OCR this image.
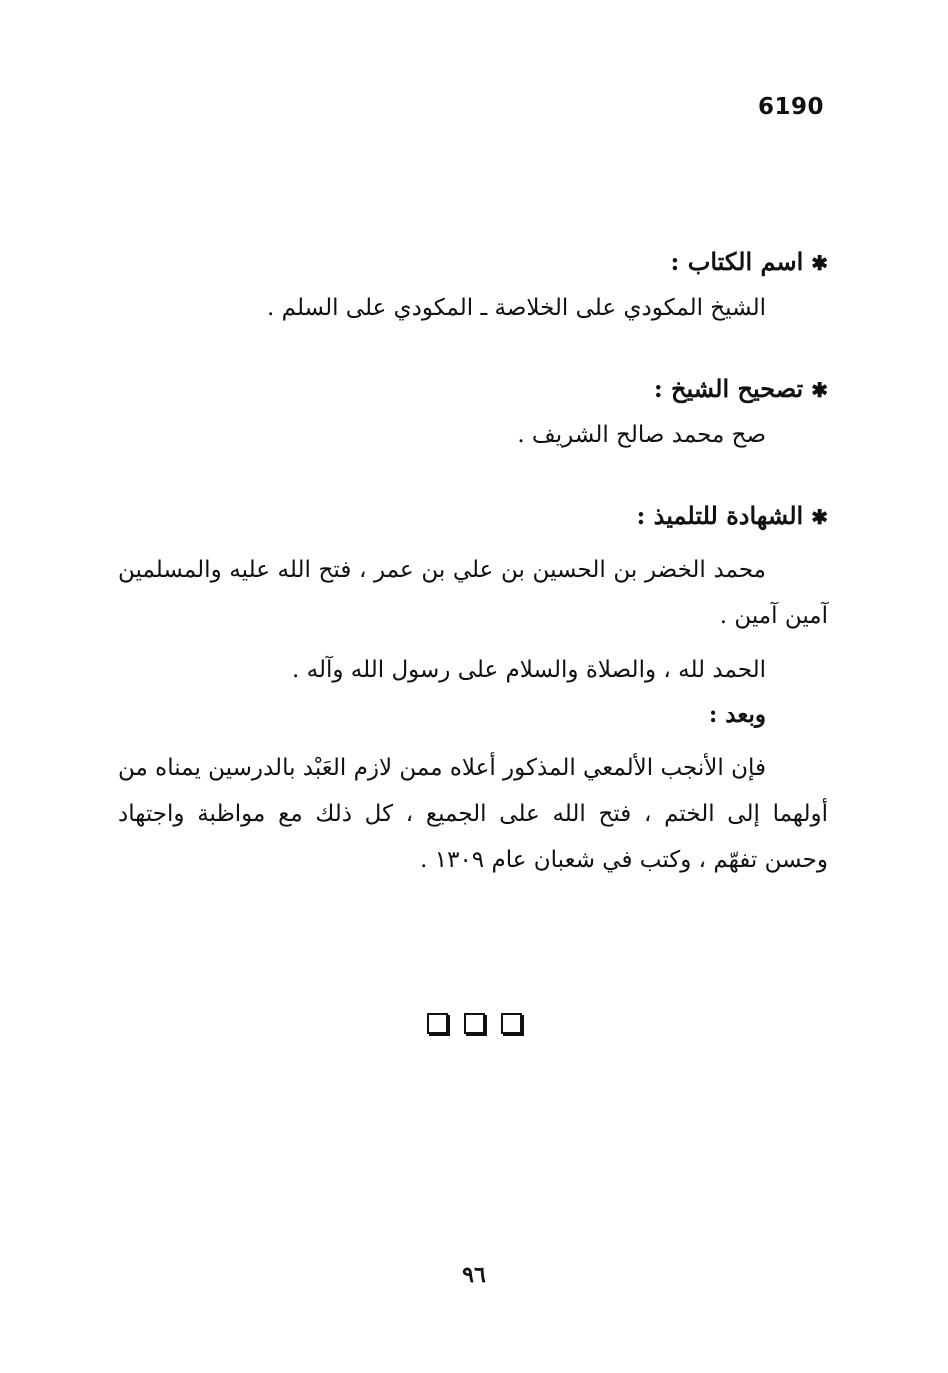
6190

✱اسم الكتاب :

الشيخ المكودي على الخلاصة ـ المكودي على السلم .

✱تصحيح الشيخ :

صح محمد صالح الشريف .

✱الشهادة للتلميذ :

محمد الخضر بن الحسين بن علي بن عمر ، فتح الله عليه والمسلمين آمين آمين .

الحمد لله ، والصلاة والسلام على رسول الله وآله .

وبعد :

فإن الأنجب الألمعي المذكور أعلاه ممن لازم العَبْد بالدرسين يمناه من أولهما إلى الختم ، فتح الله على الجميع ، كل ذلك مع مواظبة واجتهاد وحسن تفهّم ، وكتب في شعبان عام ١٣٠٩ .

٩٦
